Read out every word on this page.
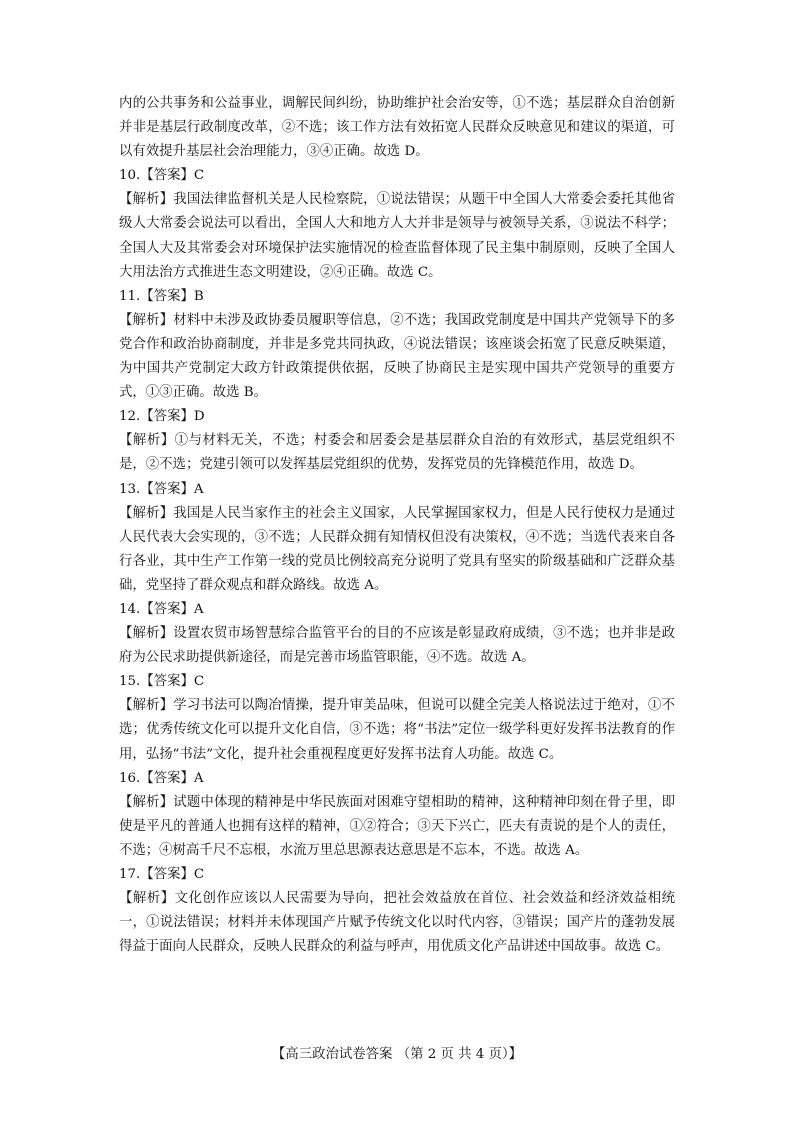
内的公共事务和公益事业，调解民间纠纷，协助维护社会治安等，①不选；基层群众自治创新并非是基层行政制度改革，②不选；该工作方法有效拓宽人民群众反映意见和建议的渠道，可以有效提升基层社会治理能力，③④正确。故选 D。

10.【答案】C

【解析】我国法律监督机关是人民检察院，①说法错误；从题干中全国人大常委会委托其他省级人大常委会说法可以看出，全国人大和地方人大并非是领导与被领导关系，③说法不科学；全国人大及其常委会对环境保护法实施情况的检查监督体现了民主集中制原则，反映了全国人大用法治方式推进生态文明建设，②④正确。故选 C。

11.【答案】B

【解析】材料中未涉及政协委员履职等信息，②不选；我国政党制度是中国共产党领导下的多党合作和政治协商制度，并非是多党共同执政，④说法错误；该座谈会拓宽了民意反映渠道，为中国共产党制定大政方针政策提供依据，反映了协商民主是实现中国共产党领导的重要方式，①③正确。故选 B。

12.【答案】D

【解析】①与材料无关，不选；村委会和居委会是基层群众自治的有效形式，基层党组织不是，②不选；党建引领可以发挥基层党组织的优势，发挥党员的先锋模范作用，故选 D。

13.【答案】A

【解析】我国是人民当家作主的社会主义国家，人民掌握国家权力，但是人民行使权力是通过人民代表大会实现的，③不选；人民群众拥有知情权但没有决策权，④不选；当选代表来自各行各业，其中生产工作第一线的党员比例较高充分说明了党具有坚实的阶级基础和广泛群众基础，党坚持了群众观点和群众路线。故选 A。

14.【答案】A

【解析】设置农贸市场智慧综合监管平台的目的不应该是彰显政府成绩，③不选；也并非是政府为公民求助提供新途径，而是完善市场监管职能，④不选。故选 A。

15.【答案】C

【解析】学习书法可以陶冶情操，提升审美品味，但说可以健全完美人格说法过于绝对，①不选；优秀传统文化可以提升文化自信，③不选；将“书法”定位一级学科更好发挥书法教育的作用，弘扬“书法”文化，提升社会重视程度更好发挥书法育人功能。故选 C。

16.【答案】A

【解析】试题中体现的精神是中华民族面对困难守望相助的精神，这种精神印刻在骨子里，即使是平凡的普通人也拥有这样的精神，①②符合；③天下兴亡，匹夫有责说的是个人的责任，不选；④树高千尺不忘根，水流万里总思源表达意思是不忘本，不选。故选 A。

17.【答案】C

【解析】文化创作应该以人民需要为导向，把社会效益放在首位、社会效益和经济效益相统一，①说法错误；材料并未体现国产片赋予传统文化以时代内容，③错误；国产片的蓬勃发展得益于面向人民群众，反映人民群众的利益与呼声，用优质文化产品讲述中国故事。故选 C。

【高三政治试卷答案 （第 2 页 共 4 页）】
